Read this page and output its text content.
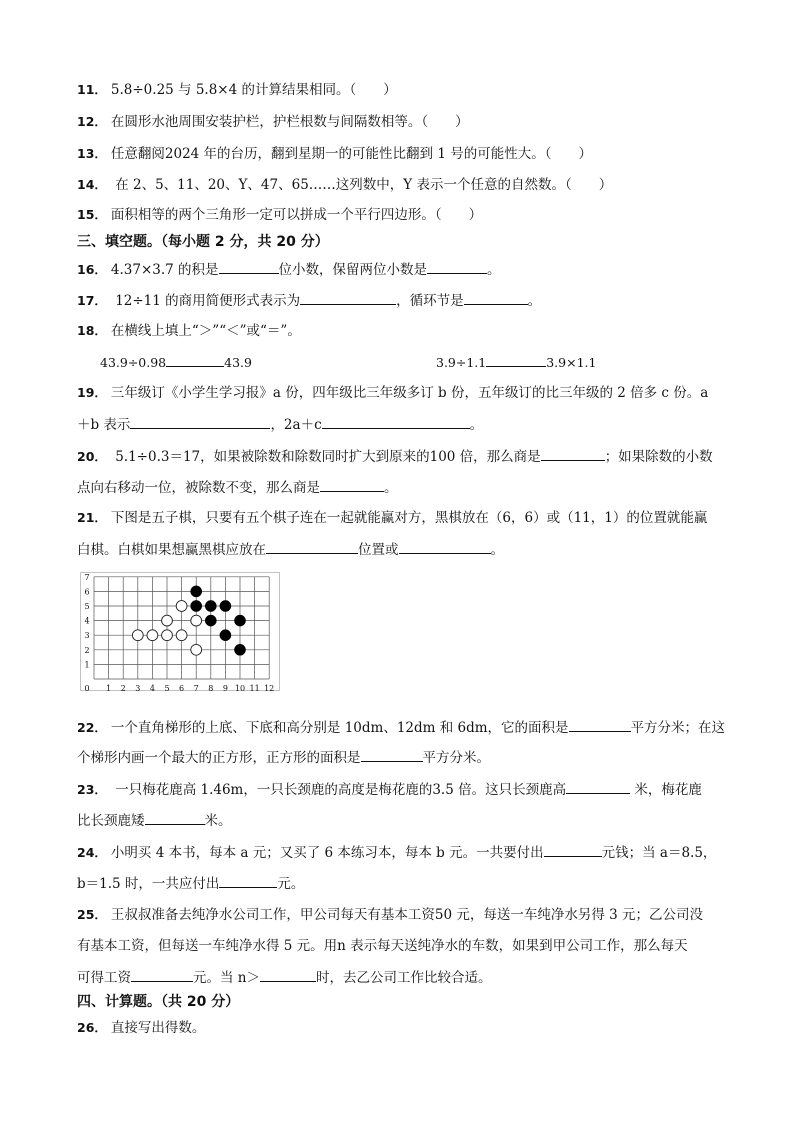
11． 5.8÷0.25 与 5.8×4 的计算结果相同。（　　）
12． 在圆形水池周围安装护栏，护栏根数与间隔数相等。（　　）
13． 任意翻阅2024 年的台历，翻到星期一的可能性比翻到 1 号的可能性大。（　　）
14． 在 2、5、11、20、Y、47、65……这列数中，Y 表示一个任意的自然数。（　　）
15． 面积相等的两个三角形一定可以拼成一个平行四边形。（　　）
三、填空题。（每小题 2 分，共 20 分）
16． 4.37×3.7 的积是	位小数，保留两位小数是	。
17． 12÷11 的商用简便形式表示为	，循环节是	。
18． 在横线上填上“＞”“＜”或“＝”。
43.9÷0.98	43.9	3.9÷1.1	3.9×1.1
19． 三年级订《小学生学习报》a 份，四年级比三年级多订 b 份，五年级订的比三年级的 2 倍多 c 份。a
＋b 表示	，2a＋c	。
20． 5.1÷0.3＝17，如果被除数和除数同时扩大到原来的100 倍，那么商是	；如果除数的小数
点向右移动一位，被除数不变，那么商是	。
21． 下图是五子棋，只要有五个棋子连在一起就能赢对方，黑棋放在（6，6）或（11，1）的位置就能赢
白棋。白棋如果想赢黑棋应放在	位置或	。
0 1 2 3 4 5 6 7 8 9 10 11 12
1
2
3
4
5
6
7
22． 一个直角梯形的上底、下底和高分别是 10dm、12dm 和 6dm，它的面积是	平方分米；在这
个梯形内画一个最大的正方形，正方形的面积是	平方分米。
23． 一只梅花鹿高 1.46m，一只长颈鹿的高度是梅花鹿的3.5 倍。这只长颈鹿高	米，梅花鹿
比长颈鹿矮	米。
24． 小明买 4 本书，每本 a 元；又买了 6 本练习本，每本 b 元。一共要付出	元钱；当 a＝8.5，
b＝1.5 时，一共应付出	元。
25． 王叔叔准备去纯净水公司工作，甲公司每天有基本工资50 元，每送一车纯净水另得 3 元；乙公司没
有基本工资，但每送一车纯净水得 5 元。用n 表示每天送纯净水的车数，如果到甲公司工作，那么每天
可得工资	元。当 n＞	时，去乙公司工作比较合适。
四、计算题。（共 20 分）
26． 直接写出得数。
